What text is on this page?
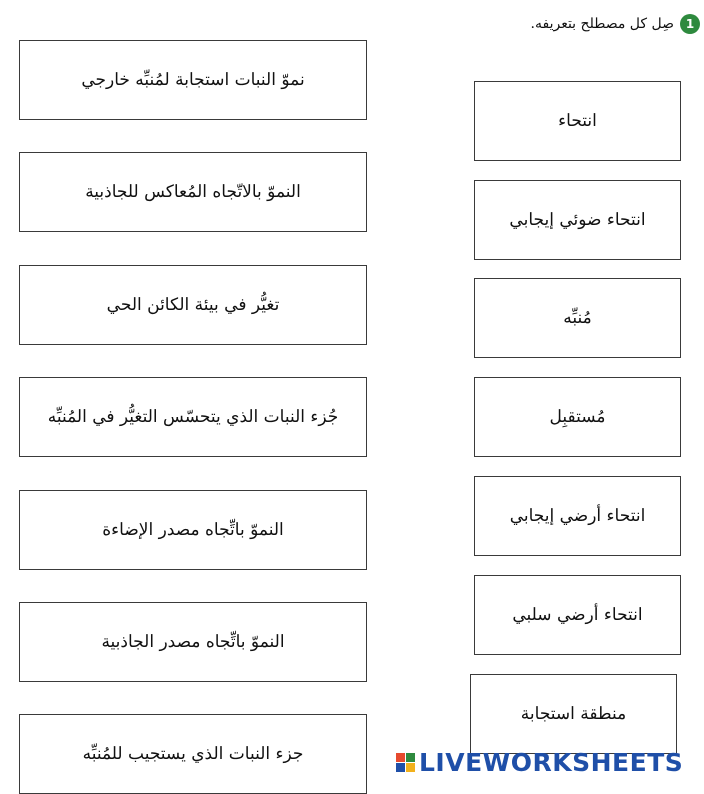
1
صِل كل مصطلح بتعريفه.
نموّ النبات استجابة لمُنبِّه خارجي
النموّ بالاتّجاه المُعاكس للجاذبية
تغيُّر في بيئة الكائن الحي
جُزء النبات الذي يتحسّس التغيُّر في المُنبِّه
النموّ باتِّجاه مصدر الإضاءة
النموّ باتِّجاه مصدر الجاذبية
جزء النبات الذي يستجيب للمُنبِّه
انتحاء
انتحاء ضوئي إيجابي
مُنبِّه
مُستقبِل
انتحاء أرضي إيجابي
انتحاء أرضي سلبي
منطقة استجابة
LIVEWORKSHEETS
